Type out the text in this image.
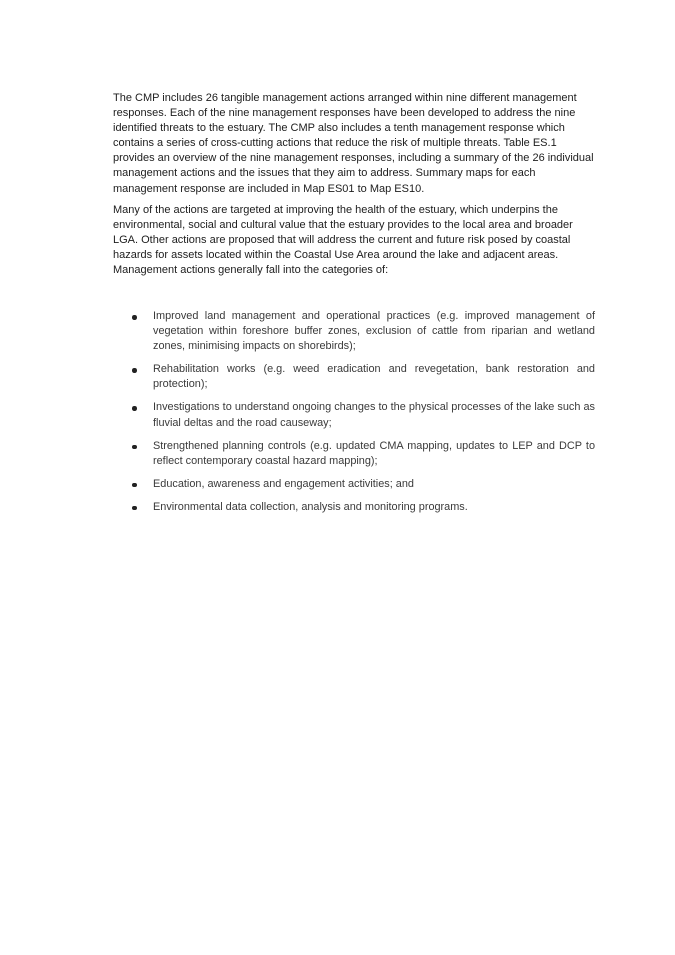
The CMP includes 26 tangible management actions arranged within nine different management responses. Each of the nine management responses have been developed to address the nine identified threats to the estuary. The CMP also includes a tenth management response which contains a series of cross-cutting actions that reduce the risk of multiple threats. Table ES.1 provides an overview of the nine management responses, including a summary of the 26 individual management actions and the issues that they aim to address. Summary maps for each management response are included in Map ES01 to Map ES10.

Many of the actions are targeted at improving the health of the estuary, which underpins the environmental, social and cultural value that the estuary provides to the local area and broader LGA. Other actions are proposed that will address the current and future risk posed by coastal hazards for assets located within the Coastal Use Area around the lake and adjacent areas. Management actions generally fall into the categories of:

Improved land management and operational practices (e.g. improved management of vegetation within foreshore buffer zones, exclusion of cattle from riparian and wetland zones, minimising impacts on shorebirds);
Rehabilitation works (e.g. weed eradication and revegetation, bank restoration and protection);
Investigations to understand ongoing changes to the physical processes of the lake such as fluvial deltas and the road causeway;
Strengthened planning controls (e.g. updated CMA mapping, updates to LEP and DCP to reflect contemporary coastal hazard mapping);
Education, awareness and engagement activities; and
Environmental data collection, analysis and monitoring programs.
